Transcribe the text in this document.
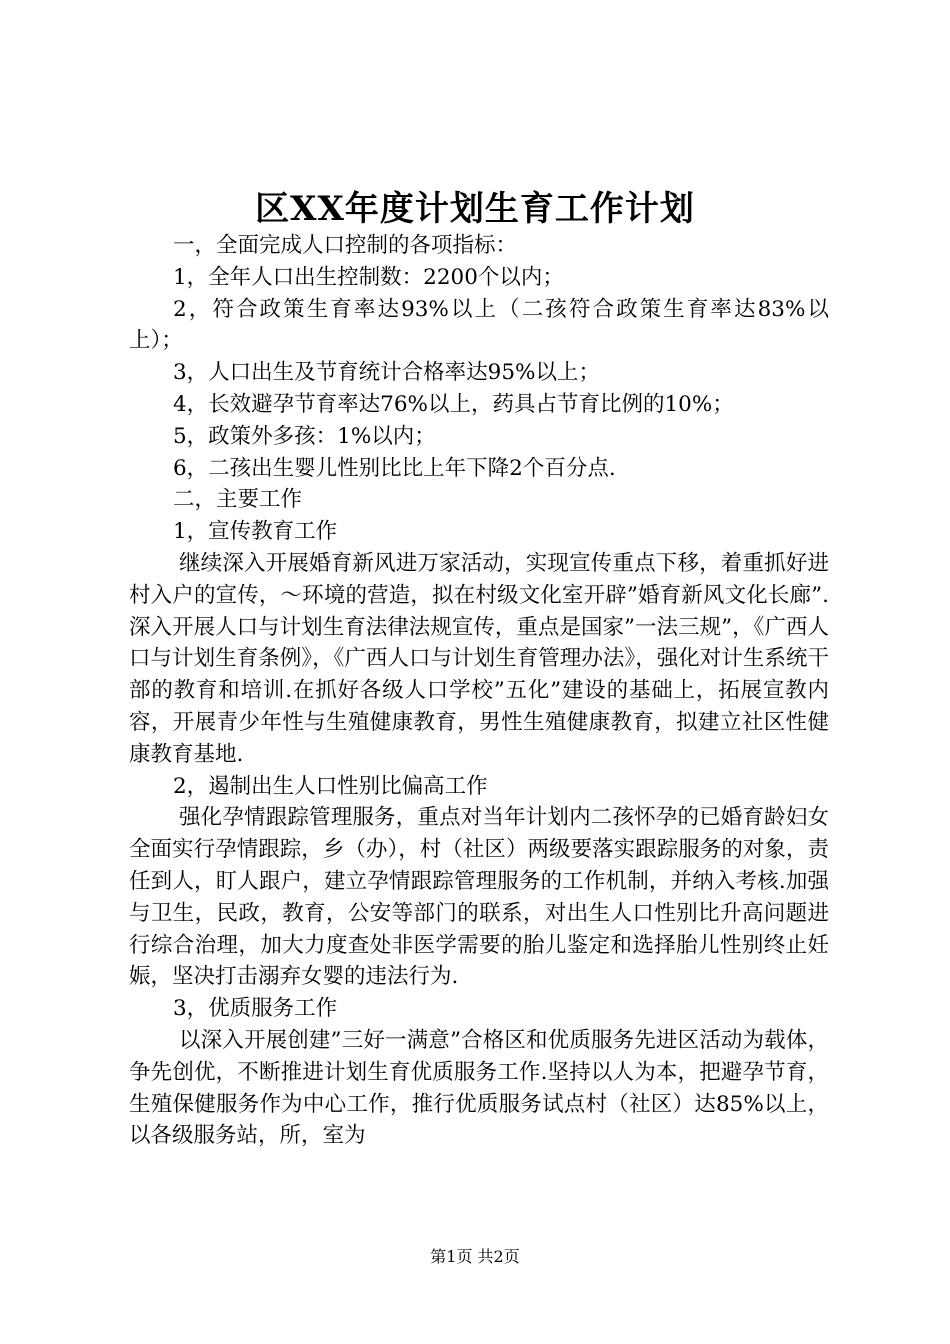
区XX年度计划生育工作计划

一，全面完成人口控制的各项指标：

1，全年人口出生控制数：2200个以内；

2，符合政策生育率达93%以上（二孩符合政策生育率达83%以上）；

3，人口出生及节育统计合格率达95%以上；

4，长效避孕节育率达76%以上，药具占节育比例的10%；

5，政策外多孩：1%以内；

6，二孩出生婴儿性别比比上年下降2个百分点.

二，主要工作

1，宣传教育工作

继续深入开展婚育新风进万家活动，实现宣传重点下移，着重抓好进村入户的宣传，～环境的营造，拟在村级文化室开辟”婚育新风文化长廊”.深入开展人口与计划生育法律法规宣传，重点是国家”一法三规”，《广西人口与计划生育条例》，《广西人口与计划生育管理办法》，强化对计生系统干部的教育和培训.在抓好各级人口学校”五化”建设的基础上，拓展宣教内容，开展青少年性与生殖健康教育，男性生殖健康教育，拟建立社区性健康教育基地.

2，遏制出生人口性别比偏高工作

强化孕情跟踪管理服务，重点对当年计划内二孩怀孕的已婚育龄妇女全面实行孕情跟踪，乡（办），村（社区）两级要落实跟踪服务的对象，责任到人，盯人跟户，建立孕情跟踪管理服务的工作机制，并纳入考核.加强与卫生，民政，教育，公安等部门的联系，对出生人口性别比升高问题进行综合治理，加大力度查处非医学需要的胎儿鉴定和选择胎儿性别终止妊娠，坚决打击溺弃女婴的违法行为.

3，优质服务工作

以深入开展创建”三好一满意”合格区和优质服务先进区活动为载体，争先创优，不断推进计划生育优质服务工作.坚持以人为本，把避孕节育，生殖保健服务作为中心工作，推行优质服务试点村（社区）达85%以上，以各级服务站，所，室为

第1页 共2页
